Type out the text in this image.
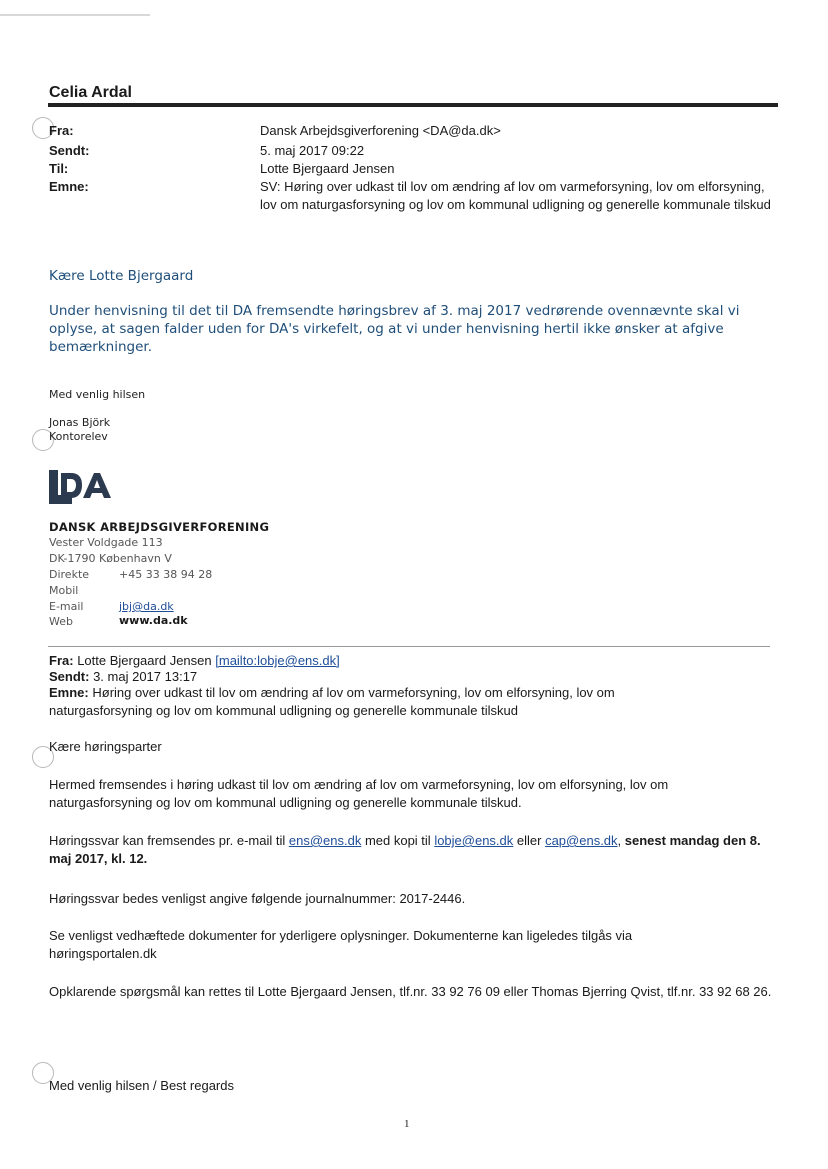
Celia Ardal
Fra:	Dansk Arbejdsgiverforening <DA@da.dk>
Sendt:	5. maj 2017 09:22
Til:	Lotte Bjergaard Jensen
Emne:	SV: Høring over udkast til lov om ændring af lov om varmeforsyning, lov om elforsyning, lov om naturgasforsyning og lov om kommunal udligning og generelle kommunale tilskud
Kære Lotte Bjergaard
Under henvisning til det til DA fremsendte høringsbrev af 3. maj 2017 vedrørende ovennævnte skal vi oplyse, at sagen falder uden for DA's virkefelt, og at vi under henvisning hertil ikke ønsker at afgive bemærkninger.
Med venlig hilsen
Jonas Björk
Kontorelev
DANSK ARBEJDSGIVERFORENING
Vester Voldgade 113
DK-1790 København V
Direkte	+45 33 38 94 28
Mobil
E-mail	jbj@da.dk
Web	www.da.dk
Fra: Lotte Bjergaard Jensen [mailto:lobje@ens.dk]
Sendt: 3. maj 2017 13:17
Emne: Høring over udkast til lov om ændring af lov om varmeforsyning, lov om elforsyning, lov om naturgasforsyning og lov om kommunal udligning og generelle kommunale tilskud
Kære høringsparter
Hermed fremsendes i høring udkast til lov om ændring af lov om varmeforsyning, lov om elforsyning, lov om naturgasforsyning og lov om kommunal udligning og generelle kommunale tilskud.
Høringssvar kan fremsendes pr. e-mail til ens@ens.dk med kopi til lobje@ens.dk eller cap@ens.dk, senest mandag den 8. maj 2017, kl. 12.
Høringssvar bedes venligst angive følgende journalnummer: 2017-2446.
Se venligst vedhæftede dokumenter for yderligere oplysninger. Dokumenterne kan ligeledes tilgås via høringsportalen.dk
Opklarende spørgsmål kan rettes til Lotte Bjergaard Jensen, tlf.nr. 33 92 76 09 eller Thomas Bjerring Qvist, tlf.nr. 33 92 68 26.
Med venlig hilsen / Best regards
1
